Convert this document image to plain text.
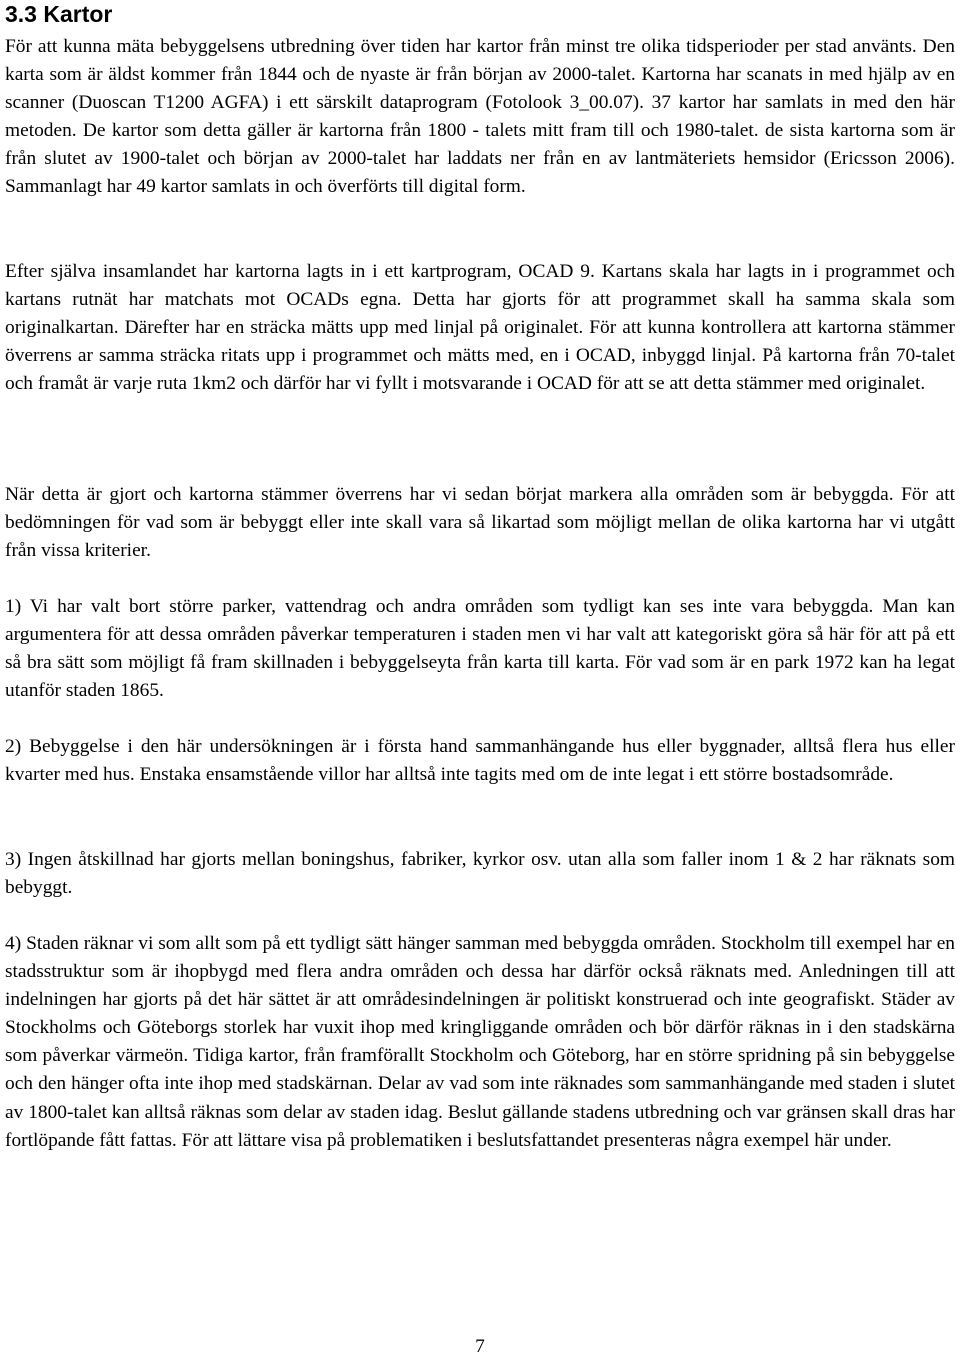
3.3 Kartor

För att kunna mäta bebyggelsens utbredning över tiden har kartor från minst tre olika tidsperioder per stad använts. Den karta som är äldst kommer från 1844 och de nyaste är från början av 2000-talet. Kartorna har scanats in med hjälp av en scanner (Duoscan T1200 AGFA) i ett särskilt dataprogram (Fotolook 3_00.07). 37 kartor har samlats in med den här metoden. De kartor som detta gäller är kartorna från 1800 - talets mitt fram till och 1980-talet. de sista kartorna som är från slutet av 1900-talet och början av 2000-talet har laddats ner från en av lantmäteriets hemsidor (Ericsson 2006). Sammanlagt har 49 kartor samlats in och överförts till digital form.

Efter själva insamlandet har kartorna lagts in i ett kartprogram, OCAD 9. Kartans skala har lagts in i programmet och kartans rutnät har matchats mot OCADs egna. Detta har gjorts för att programmet skall ha samma skala som originalkartan. Därefter har en sträcka mätts upp med linjal på originalet. För att kunna kontrollera att kartorna stämmer överrens ar samma sträcka ritats upp i programmet och mätts med, en i OCAD, inbyggd linjal. På kartorna från 70-talet och framåt är varje ruta 1km2 och därför har vi fyllt i motsvarande i OCAD för att se att detta stämmer med originalet.

När detta är gjort och kartorna stämmer överrens har vi sedan börjat markera alla områden som är bebyggda. För att bedömningen för vad som är bebyggt eller inte skall vara så likartad som möjligt mellan de olika kartorna har vi utgått från vissa kriterier.

1) Vi har valt bort större parker, vattendrag och andra områden som tydligt kan ses inte vara bebyggda. Man kan argumentera för att dessa områden påverkar temperaturen i staden men vi har valt att kategoriskt göra så här för att på ett så bra sätt som möjligt få fram skillnaden i bebyggelseyta från karta till karta. För vad som är en park 1972 kan ha legat utanför staden 1865.

2) Bebyggelse i den här undersökningen är i första hand sammanhängande hus eller byggnader, alltså flera hus eller kvarter med hus. Enstaka ensamstående villor har alltså inte tagits med om de inte legat i ett större bostadsområde.

3) Ingen åtskillnad har gjorts mellan boningshus, fabriker, kyrkor osv. utan alla som faller inom 1 & 2 har räknats som bebyggt.

4) Staden räknar vi som allt som på ett tydligt sätt hänger samman med bebyggda områden. Stockholm till exempel har en stadsstruktur som är ihopbygd med flera andra områden och dessa har därför också räknats med. Anledningen till att indelningen har gjorts på det här sättet är att områdesindelningen är politiskt konstruerad och inte geografiskt. Städer av Stockholms och Göteborgs storlek har vuxit ihop med kringliggande områden och bör därför räknas in i den stadskärna som påverkar värmeön. Tidiga kartor, från framförallt Stockholm och Göteborg, har en större spridning på sin bebyggelse och den hänger ofta inte ihop med stadskärnan. Delar av vad som inte räknades som sammanhängande med staden i slutet av 1800-talet kan alltså räknas som delar av staden idag. Beslut gällande stadens utbredning och var gränsen skall dras har fortlöpande fått fattas. För att lättare visa på problematiken i beslutsfattandet presenteras några exempel här under.

7
